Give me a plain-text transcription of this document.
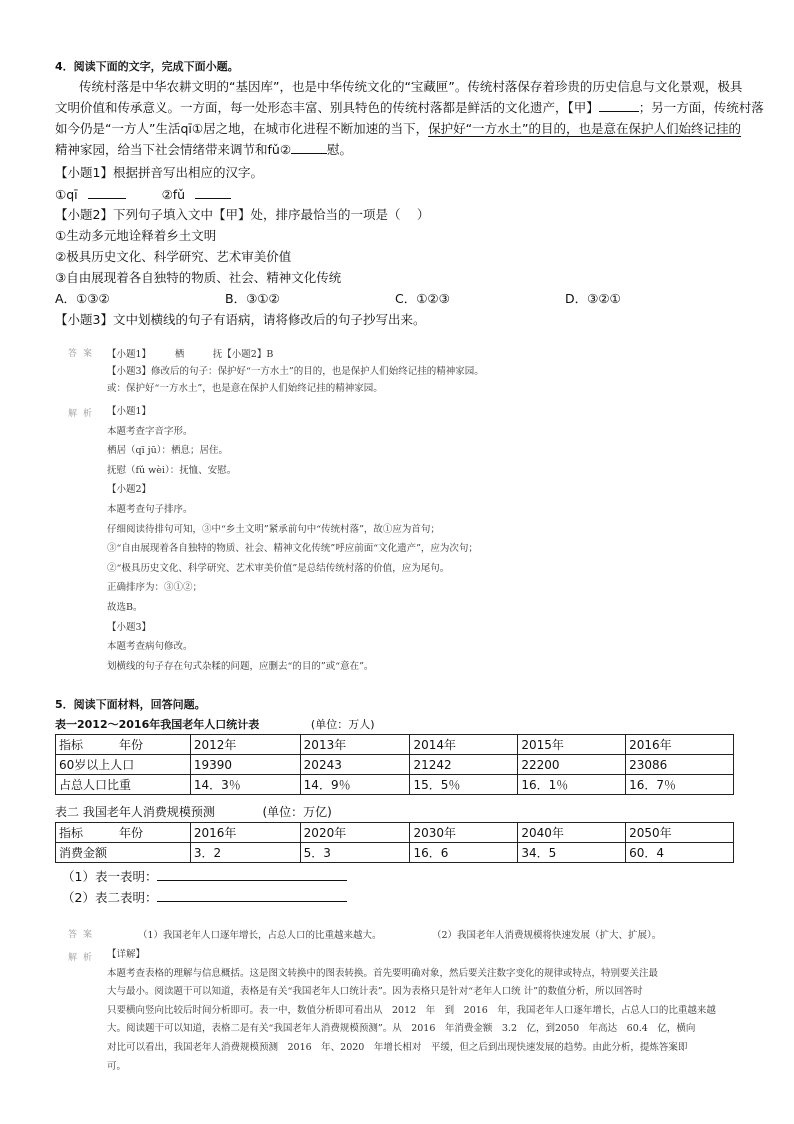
4．阅读下面的文字，完成下面小题。
传统村落是中华农耕文明的“基因库”，也是中华传统文化的“宝藏匣”。传统村落保存着珍贵的历史信息与文化景观，极具
文明价值和传承意义。一方面，每一处形态丰富、别具特色的传统村落都是鲜活的文化遗产，【甲】	；另一方面，传统村落
如今仍是“一方人”生活qī①居之地，在城市化进程不断加速的当下，保护好“一方水土”的目的，也是意在保护人们始终记挂的
精神家园，给当下社会情绪带来调节和fǔ②	慰。
【小题1】根据拼音写出相应的汉字。
①qī	②fǔ
【小题2】下列句子填入文中【甲】处，排序最恰当的一项是（　 ）
①生动多元地诠释着乡土文明
②极具历史文化、科学研究、艺术审美价值
③自由展现着各自独特的物质、社会、精神文化传统
A．①③②	B．③①②	C．①②③	D．③②①
【小题3】文中划横线的句子有语病，请将修改后的句子抄写出来。
答案 【小题1】　　　栖　　　抚【小题2】B
【小题3】修改后的句子：保护好“一方水土”的目的，也是保护人们始终记挂的精神家园。
或：保护好“一方水土”，也是意在保护人们始终记挂的精神家园。
解析 【小题1】
本题考查字音字形。
栖居（qī jū）：栖息；居住。
抚慰（fǔ wèi）：抚恤、安慰。
【小题2】
本题考查句子排序。
仔细阅读待排句可知，③中“乡土文明”紧承前句中“传统村落”，故①应为首句；
③“自由展现着各自独特的物质、社会、精神文化传统”呼应前面“文化遗产”，应为次句；
②“极具历史文化、科学研究、艺术审美价值”是总结传统村落的价值，应为尾句。
正确排序为：③①②；
故选B。
【小题3】
本题考查病句修改。
划横线的句子存在句式杂糅的问题，应删去“的目的”或“意在”。
5．阅读下面材料，回答问题。
表一2012～2016年我国老年人口统计表	(单位：万人)
指标 年份	2012年	2013年	2014年	2015年	2016年
60岁以上人口	19390	20243	21242	22200	23086
占总人口比重	14．3％	14．9％	15．5％	16．1％	16．7％
表二 我国老年人消费规模预测	(单位：万亿)
指标 年份	2016年	2020年	2030年	2040年	2050年
消费金额	3．2	5．3	16．6	34．5	60．4
（1）表一表明：
（2）表二表明：
答案	（1）我国老年人口逐年增长，占总人口的比重越来越大。	（2）我国老年人消费规模将快速发展（扩大、扩展）。
解析 【详解】
本题考查表格的理解与信息概括。这是图文转换中的图表转换。首先要明确对象，然后要关注数字变化的规律或特点，特别要关注最
大与最小。阅读题干可以知道，表格是有关“我国老年人口统计表”。因为表格只是针对“老年人口统 计”的数值分析，所以回答时
只要横向竖向比较后时间分析即可。表一中，数值分析即可看出从　2012　年　到　2016　年，我国老年人口逐年增长，占总人口的比重越来越
大。阅读题干可以知道，表格二是有关“我国老年人消费规模预测”。从　2016　年消费金额　3.2　亿，到2050　年高达　60.4　亿，横向
对比可以看出，我国老年人消费规模预测　2016　年、2020　年增长相对　平缓，但之后到出现快速发展的趋势。由此分析，提炼答案即
可。
